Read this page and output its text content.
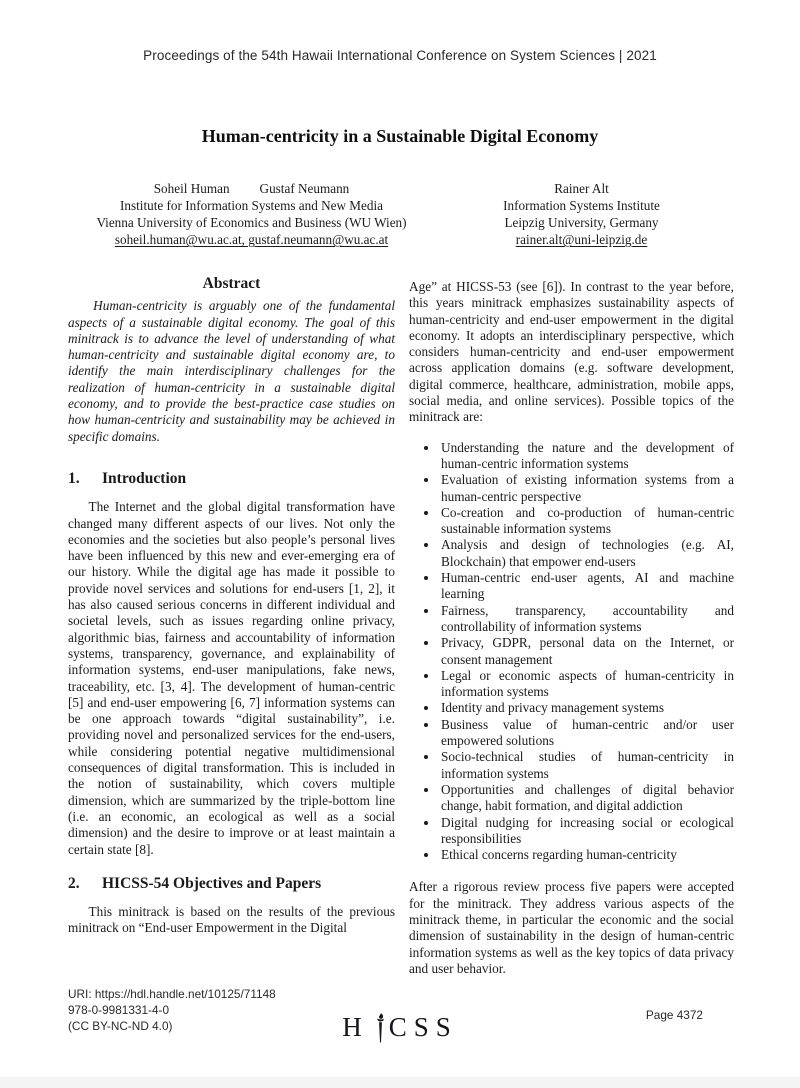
Proceedings of the 54th Hawaii International Conference on System Sciences | 2021
Human-centricity in a Sustainable Digital Economy
Soheil Human Gustaf Neumann
Institute for Information Systems and New Media
Vienna University of Economics and Business (WU Wien)
soheil.human@wu.ac.at, gustaf.neumann@wu.ac.at
Rainer Alt
Information Systems Institute
Leipzig University, Germany
rainer.alt@uni-leipzig.de
Abstract

Human-centricity is arguably one of the fundamental aspects of a sustainable digital economy. The goal of this minitrack is to advance the level of understanding of what human-centricity and sustainable digital economy are, to identify the main interdisciplinary challenges for the realization of human-centricity in a sustainable digital economy, and to provide the best-practice case studies on how human-centricity and sustainability may be achieved in specific domains.

1. Introduction

The Internet and the global digital transformation have changed many different aspects of our lives. Not only the economies and the societies but also people’s personal lives have been influenced by this new and ever-emerging era of our history. While the digital age has made it possible to provide novel services and solutions for end-users [1, 2], it has also caused serious concerns in different individual and societal levels, such as issues regarding online privacy, algorithmic bias, fairness and accountability of information systems, transparency, governance, and explainability of information systems, end-user manipulations, fake news, traceability, etc. [3, 4]. The development of human-centric [5] and end-user empowering [6, 7] information systems can be one approach towards “digital sustainability”, i.e. providing novel and personalized services for the end-users, while considering potential negative multidimensional consequences of digital transformation. This is included in the notion of sustainability, which covers multiple dimension, which are summarized by the triple-bottom line (i.e. an economic, an ecological as well as a social dimension) and the desire to improve or at least maintain a certain state [8].

2. HICSS-54 Objectives and Papers

This minitrack is based on the results of the previous minitrack on “End-user Empowerment in the Digital

Age” at HICSS-53 (see [6]). In contrast to the year before, this years minitrack emphasizes sustainability aspects of human-centricity and end-user empowerment in the digital economy. It adopts an interdisciplinary perspective, which considers human-centricity and end-user empowerment across application domains (e.g. software development, digital commerce, healthcare, administration, mobile apps, social media, and online services). Possible topics of the minitrack are:

• Understanding the nature and the development of human-centric information systems
• Evaluation of existing information systems from a human-centric perspective
• Co-creation and co-production of human-centric sustainable information systems
• Analysis and design of technologies (e.g. AI, Blockchain) that empower end-users
• Human-centric end-user agents, AI and machine learning
• Fairness, transparency, accountability and controllability of information systems
• Privacy, GDPR, personal data on the Internet, or consent management
• Legal or economic aspects of human-centricity in information systems
• Identity and privacy management systems
• Business value of human-centric and/or user empowered solutions
• Socio-technical studies of human-centricity in information systems
• Opportunities and challenges of digital behavior change, habit formation, and digital addiction
• Digital nudging for increasing social or ecological responsibilities
• Ethical concerns regarding human-centricity

After a rigorous review process five papers were accepted for the minitrack. They address various aspects of the minitrack theme, in particular the economic and the social dimension of sustainability in the design of human-centric information systems as well as the key topics of data privacy and user behavior.

URI: https://hdl.handle.net/10125/71148
978-0-9981331-4-0
(CC BY-NC-ND 4.0)	H CSS	Page 4372
